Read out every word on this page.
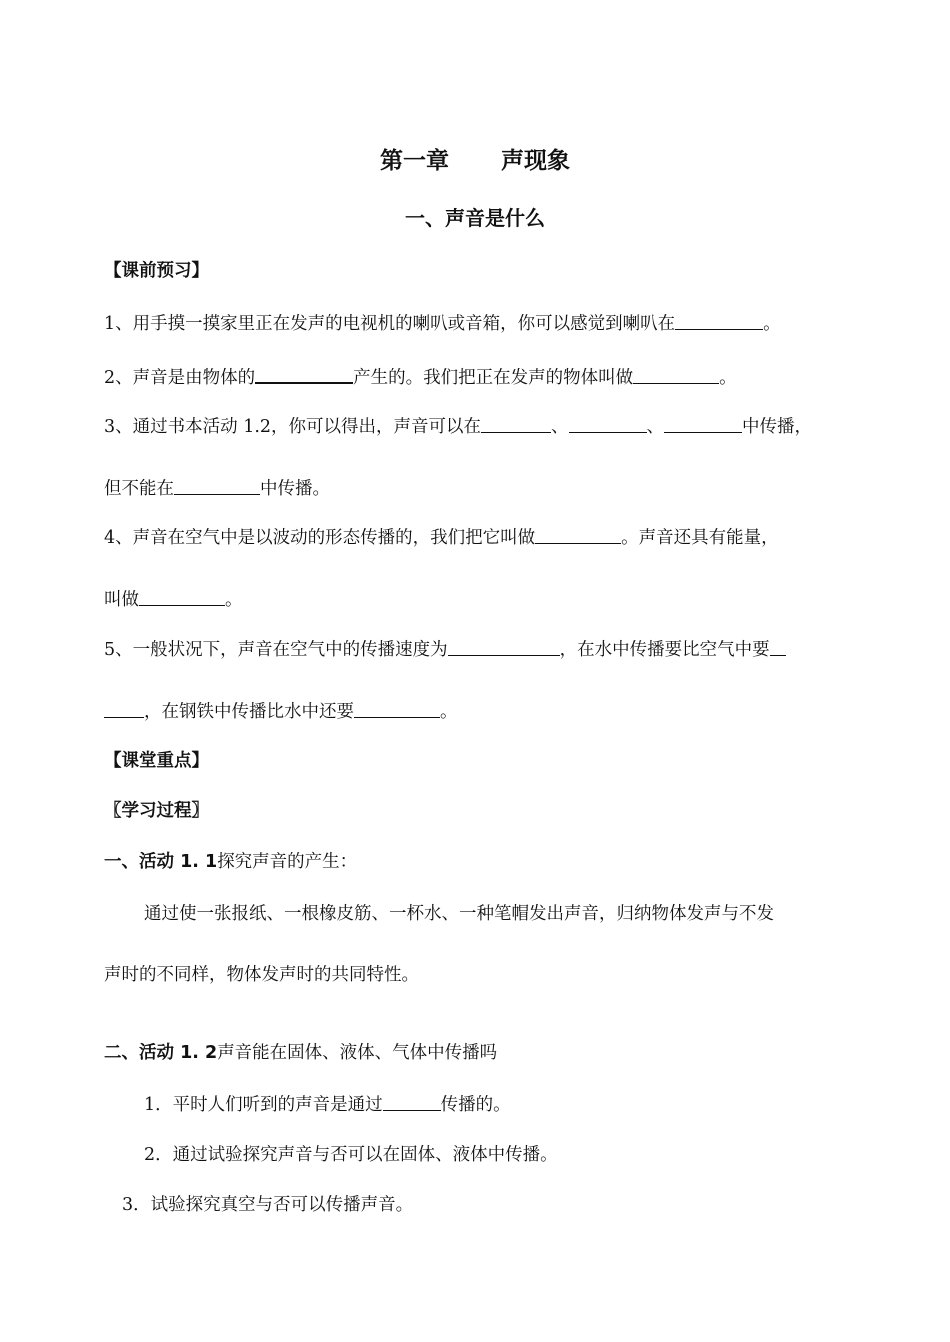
第一章 声现象
一、声音是什么
【课前预习】
1、用手摸一摸家里正在发声的电视机的喇叭或音箱，你可以感觉到喇叭在	。
2、声音是由物体的	产生的。我们把正在发声的物体叫做	。
3、通过书本活动 1.2，你可以得出，声音可以在	、	、	中传播，
但不能在	中传播。
4、声音在空气中是以波动的形态传播的，我们把它叫做	。声音还具有能量，
叫做	。
5、一般状况下，声音在空气中的传播速度为	，在水中传播要比空气中要
，在钢铁中传播比水中还要	。
【课堂重点】
〖学习过程〗
一、活动 1. 1探究声音的产生：
通过使一张报纸、一根橡皮筋、一杯水、一种笔帽发出声音，归纳物体发声与不发
声时的不同样，物体发声时的共同特性。
二、活动 1. 2声音能在固体、液体、气体中传播吗
1．平时人们听到的声音是通过	传播的。
2．通过试验探究声音与否可以在固体、液体中传播。
3．试验探究真空与否可以传播声音。
